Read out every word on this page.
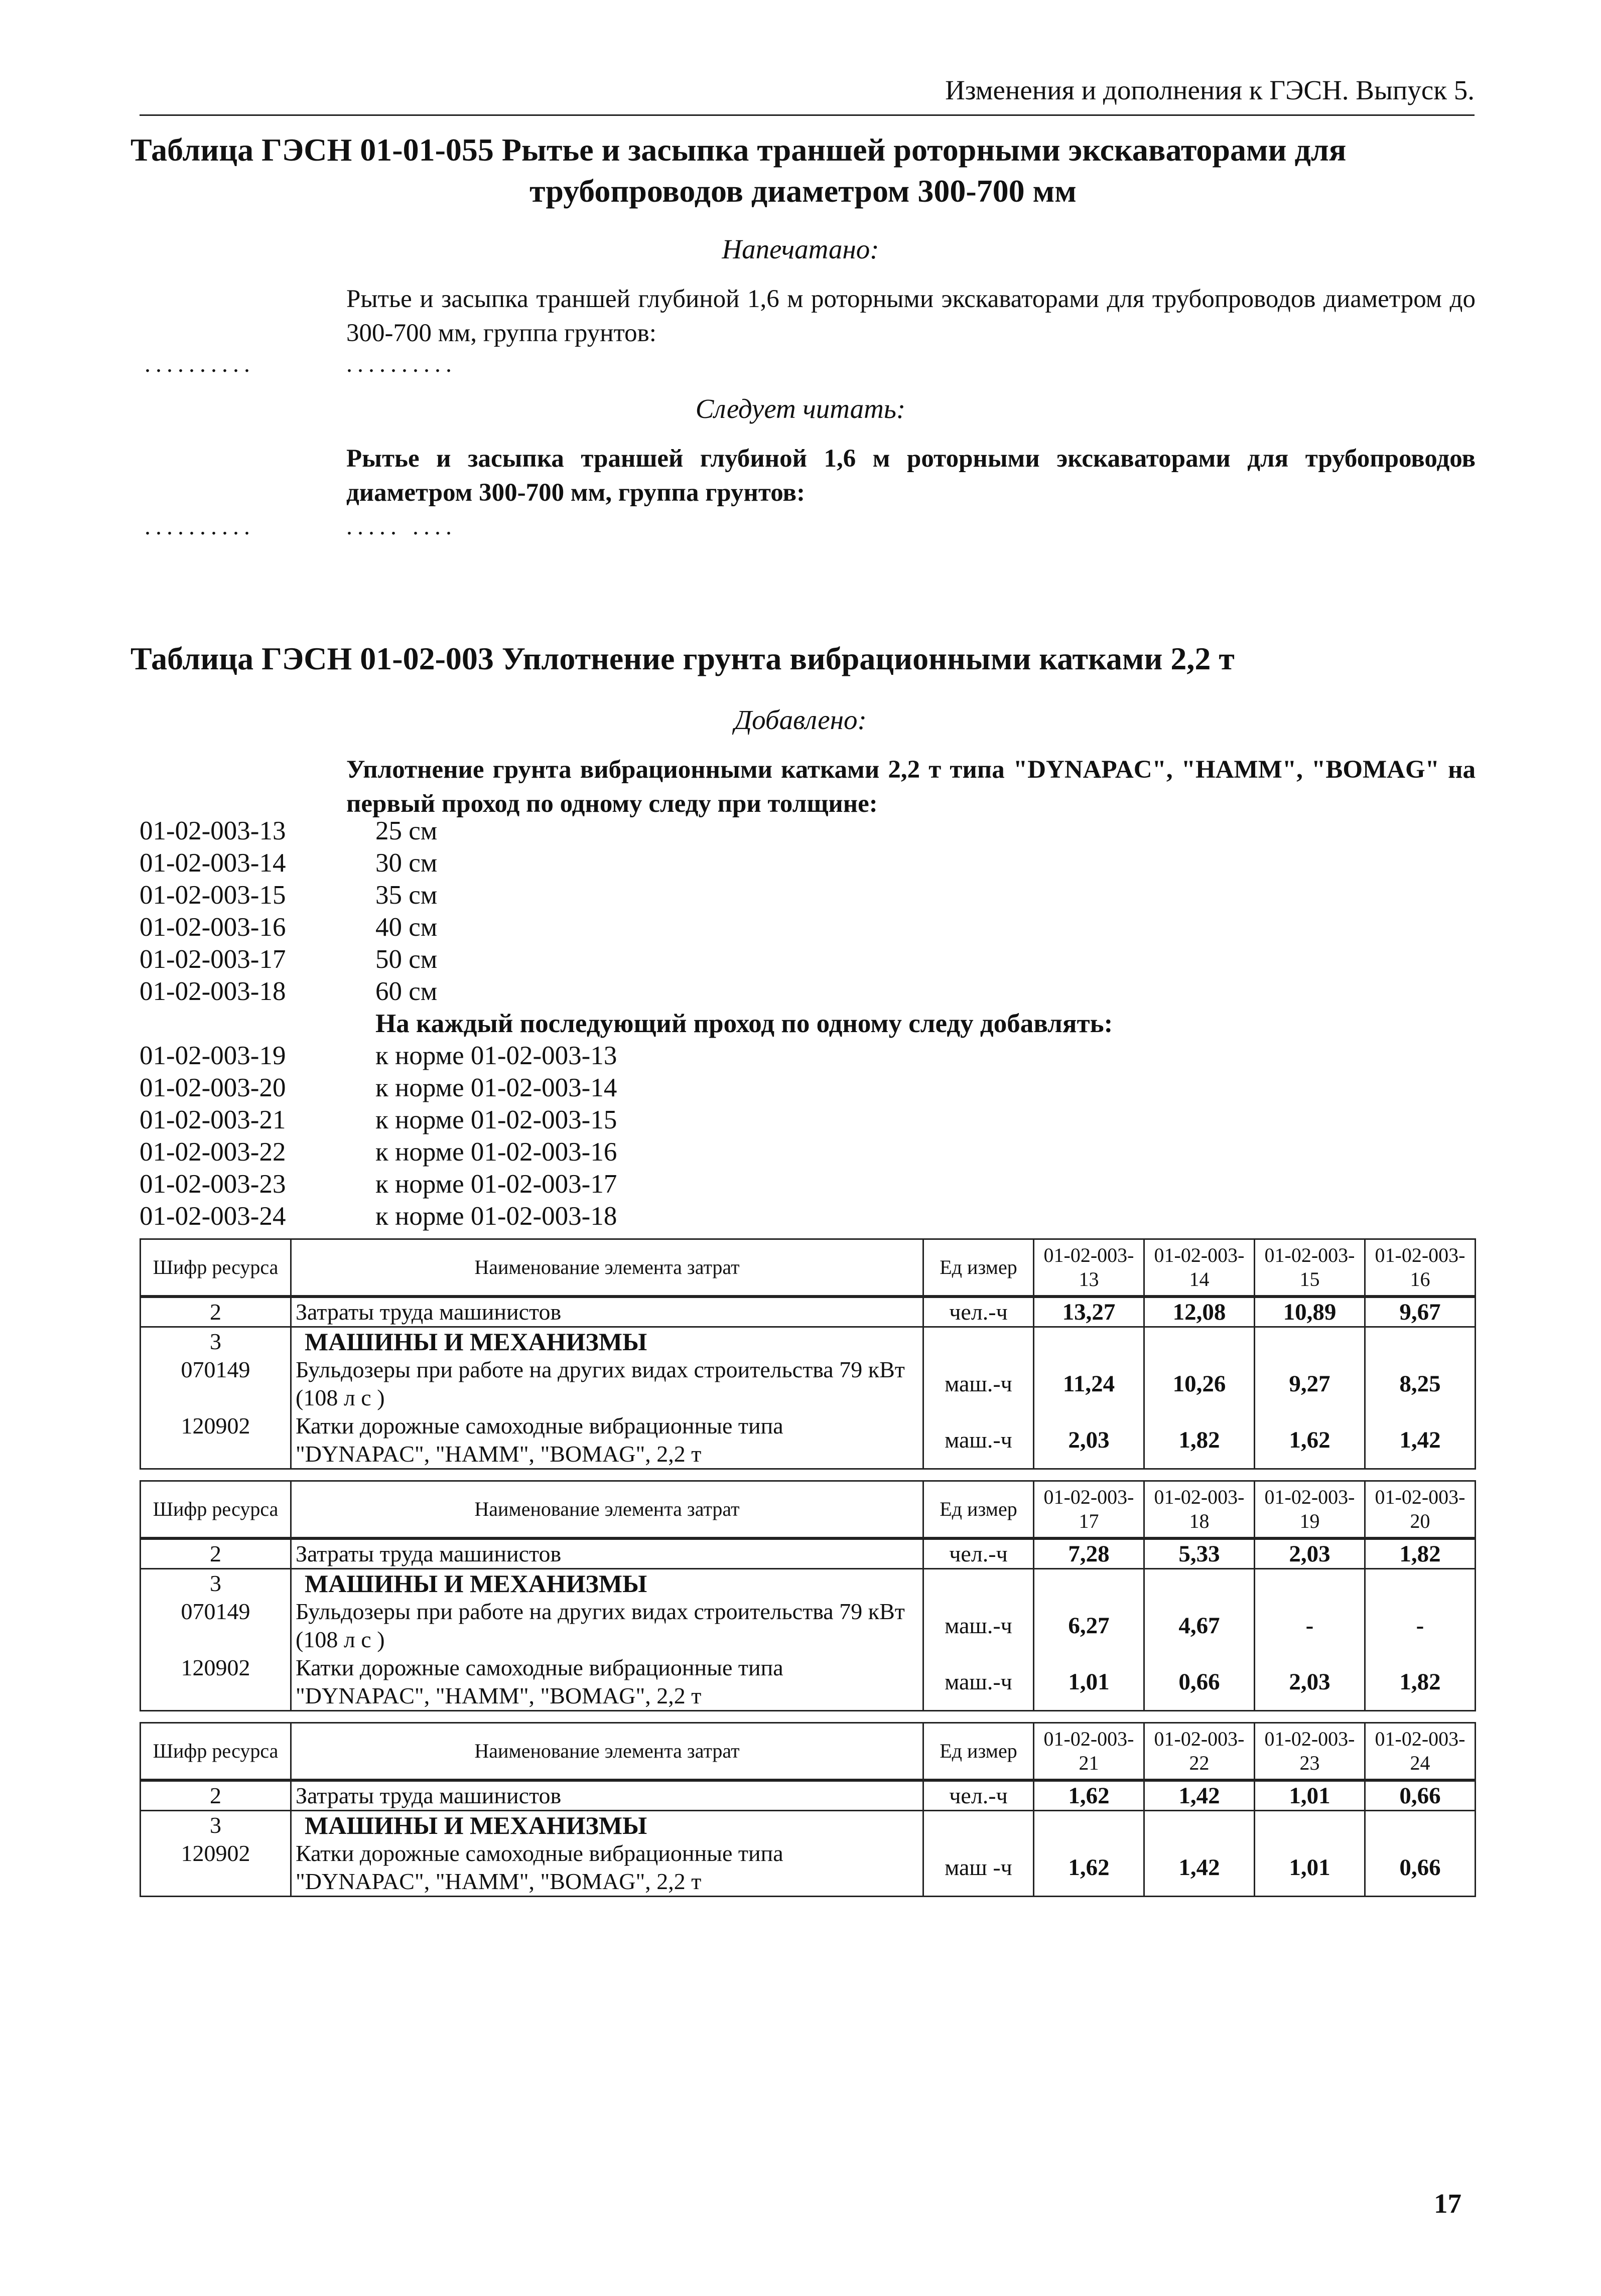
Изменения и дополнения к ГЭСН. Выпуск 5.
Таблица ГЭСН 01-01-055 Рытье и засыпка траншей роторными экскаваторами для
трубопроводов диаметром 300-700 мм
Напечатано:
Рытье и засыпка траншей глубиной 1,6 м роторными экскаваторами для трубопроводов диаметром до 300-700 мм, группа грунтов:
..........	..........
Следует читать:
Рытье и засыпка траншей глубиной 1,6 м роторными экскаваторами для трубопроводов диаметром 300-700 мм, группа грунтов:
..........	..... ....
Таблица ГЭСН 01-02-003 Уплотнение грунта вибрационными катками 2,2 т
Добавлено:
Уплотнение грунта вибрационными катками 2,2 т типа "DYNAPAC", "HAMM", "BOMAG" на первый проход по одному следу при толщине:
01-02-003-13	25 см
01-02-003-14	30 см
01-02-003-15	35 см
01-02-003-16	40 см
01-02-003-17	50 см
01-02-003-18	60 см
На каждый последующий проход по одному следу добавлять:
01-02-003-19	к норме 01-02-003-13
01-02-003-20	к норме 01-02-003-14
01-02-003-21	к норме 01-02-003-15
01-02-003-22	к норме 01-02-003-16
01-02-003-23	к норме 01-02-003-17
01-02-003-24	к норме 01-02-003-18
Шифр ресурса	Наименование элемента затрат	Ед измер	01-02-003-13	01-02-003-14	01-02-003-15	01-02-003-16
2	Затраты труда машинистов	чел.-ч	13,27	12,08	10,89	9,67
3	МАШИНЫ И МЕХАНИЗМЫ					
070149	Бульдозеры при работе на других видах строительства 79 кВт (108 л с )	маш.-ч	11,24	10,26	9,27	8,25
120902	Катки дорожные самоходные вибрационные типа "DYNAPAC", "HAMM", "BOMAG", 2,2 т	маш.-ч	2,03	1,82	1,62	1,42
Шифр ресурса	Наименование элемента затрат	Ед измер	01-02-003-17	01-02-003-18	01-02-003-19	01-02-003-20
2	Затраты труда машинистов	чел.-ч	7,28	5,33	2,03	1,82
3	МАШИНЫ И МЕХАНИЗМЫ					
070149	Бульдозеры при работе на других видах строительства 79 кВт (108 л с )	маш.-ч	6,27	4,67	-	-
120902	Катки дорожные самоходные вибрационные типа "DYNAPAC", "HAMM", "BOMAG", 2,2 т	маш.-ч	1,01	0,66	2,03	1,82
Шифр ресурса	Наименование элемента затрат	Ед измер	01-02-003-21	01-02-003-22	01-02-003-23	01-02-003-24
2	Затраты труда машинистов	чел.-ч	1,62	1,42	1,01	0,66
3	МАШИНЫ И МЕХАНИЗМЫ					
120902	Катки дорожные самоходные вибрационные типа "DYNAPAC", "HAMM", "BOMAG", 2,2 т	маш -ч	1,62	1,42	1,01	0,66
17
